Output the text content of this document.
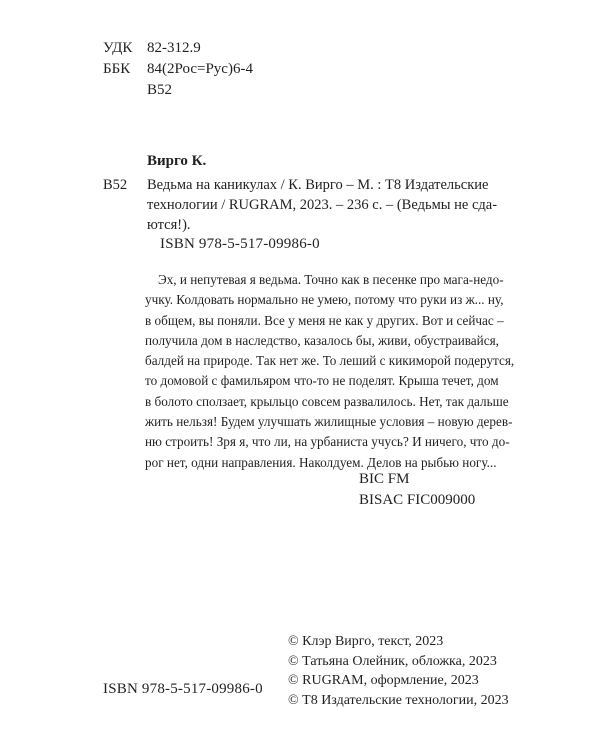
УДК 82-312.9
ББК	84(2Рос=Рус)6-4
В52
Вирго К.
В52 Ведьма на каникулах / К. Вирго – М. : Т8 Издательские
технологии / RUGRAM, 2023. – 236 с. – (Ведьмы не сда-
ются!).
ISBN 978-5-517-09986-0
Эх, и непутевая я ведьма. Точно как в песенке про мага-недо-
учку. Колдовать нормально не умею, потому что руки из ж... ну,
в общем, вы поняли. Все у меня не как у других. Вот и сейчас –
получила дом в наследство, казалось бы, живи, обустраивайся,
балдей на природе. Так нет же. То леший с кикиморой подерутся,
то домовой с фамильяром что-то не поделят. Крыша течет, дом
в болото сползает, крыльцо совсем развалилось. Нет, так дальше
жить нельзя! Будем улучшать жилищные условия – новую дерев-
ню строить! Зря я, что ли, на урбаниста учусь? И ничего, что до-
рог нет, одни направления. Наколдуем. Делов на рыбью ногу...
BIC FM
BISAC FIC009000
ISBN 978-5-517-09986-0
© Клэр Вирго, текст, 2023
© Татьяна Олейник, обложка, 2023
© RUGRAM, оформление, 2023
© Т8 Издательские технологии, 2023
